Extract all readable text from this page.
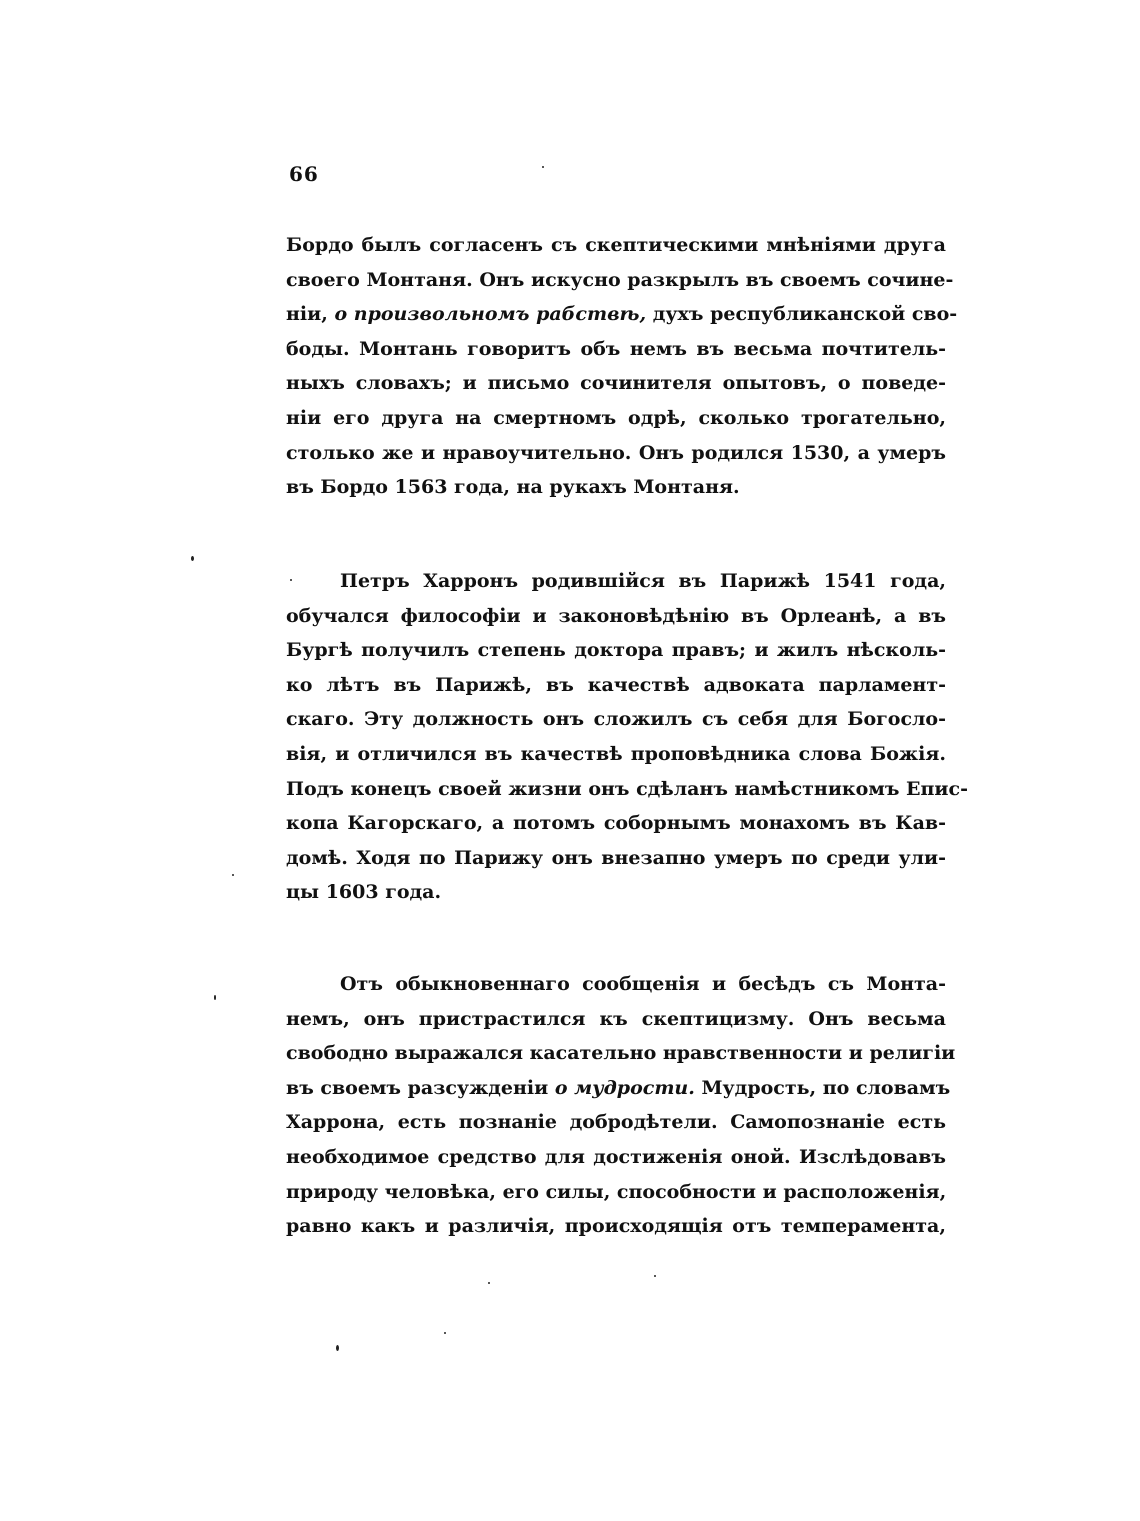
66
Бордо былъ согласенъ съ скептическими мнѣніями друга
своего Монтаня. Онъ искусно разкрылъ въ своемъ сочине-
ніи, о произвольномъ рабствѣ, духъ республиканской сво-
боды. Монтань говоритъ объ немъ въ весьма почтитель-
ныхъ словахъ; и письмо сочинителя опытовъ, о поведе-
ніи его друга на смертномъ одрѣ, сколько трогательно,
столько же и нравоучительно. Онъ родился 1530, а умеръ
въ Бордо 1563 года, на рукахъ Монтаня.
Петръ Харронъ родившійся въ Парижѣ 1541 года,
обучался философіи и законовѣдѣнію въ Орлеанѣ, а въ
Бургѣ получилъ степень доктора правъ; и жилъ нѣсколь-
ко лѣтъ въ Парижѣ, въ качествѣ адвоката парламент-
скаго. Эту должность онъ сложилъ съ себя для Богосло-
вія, и отличился въ качествѣ проповѣдника слова Божія.
Подъ конецъ своей жизни онъ сдѣланъ намѣстникомъ Епис-
копа Кагорскаго, а потомъ соборнымъ монахомъ въ Кав-
домѣ. Ходя по Парижу онъ внезапно умеръ по среди ули-
цы 1603 года.
Отъ обыкновеннаго сообщенія и бесѣдъ съ Монта-
немъ, онъ пристрастился къ скептицизму. Онъ весьма
свободно выражался касательно нравственности и религіи
въ своемъ разсужденіи о мудрости. Мудрость, по словамъ
Харрона, есть познаніе добродѣтели. Самопознаніе есть
необходимое средство для достиженія оной. Изслѣдовавъ
природу человѣка, его силы, способности и расположенія,
равно какъ и различія, происходящія отъ темперамента,
